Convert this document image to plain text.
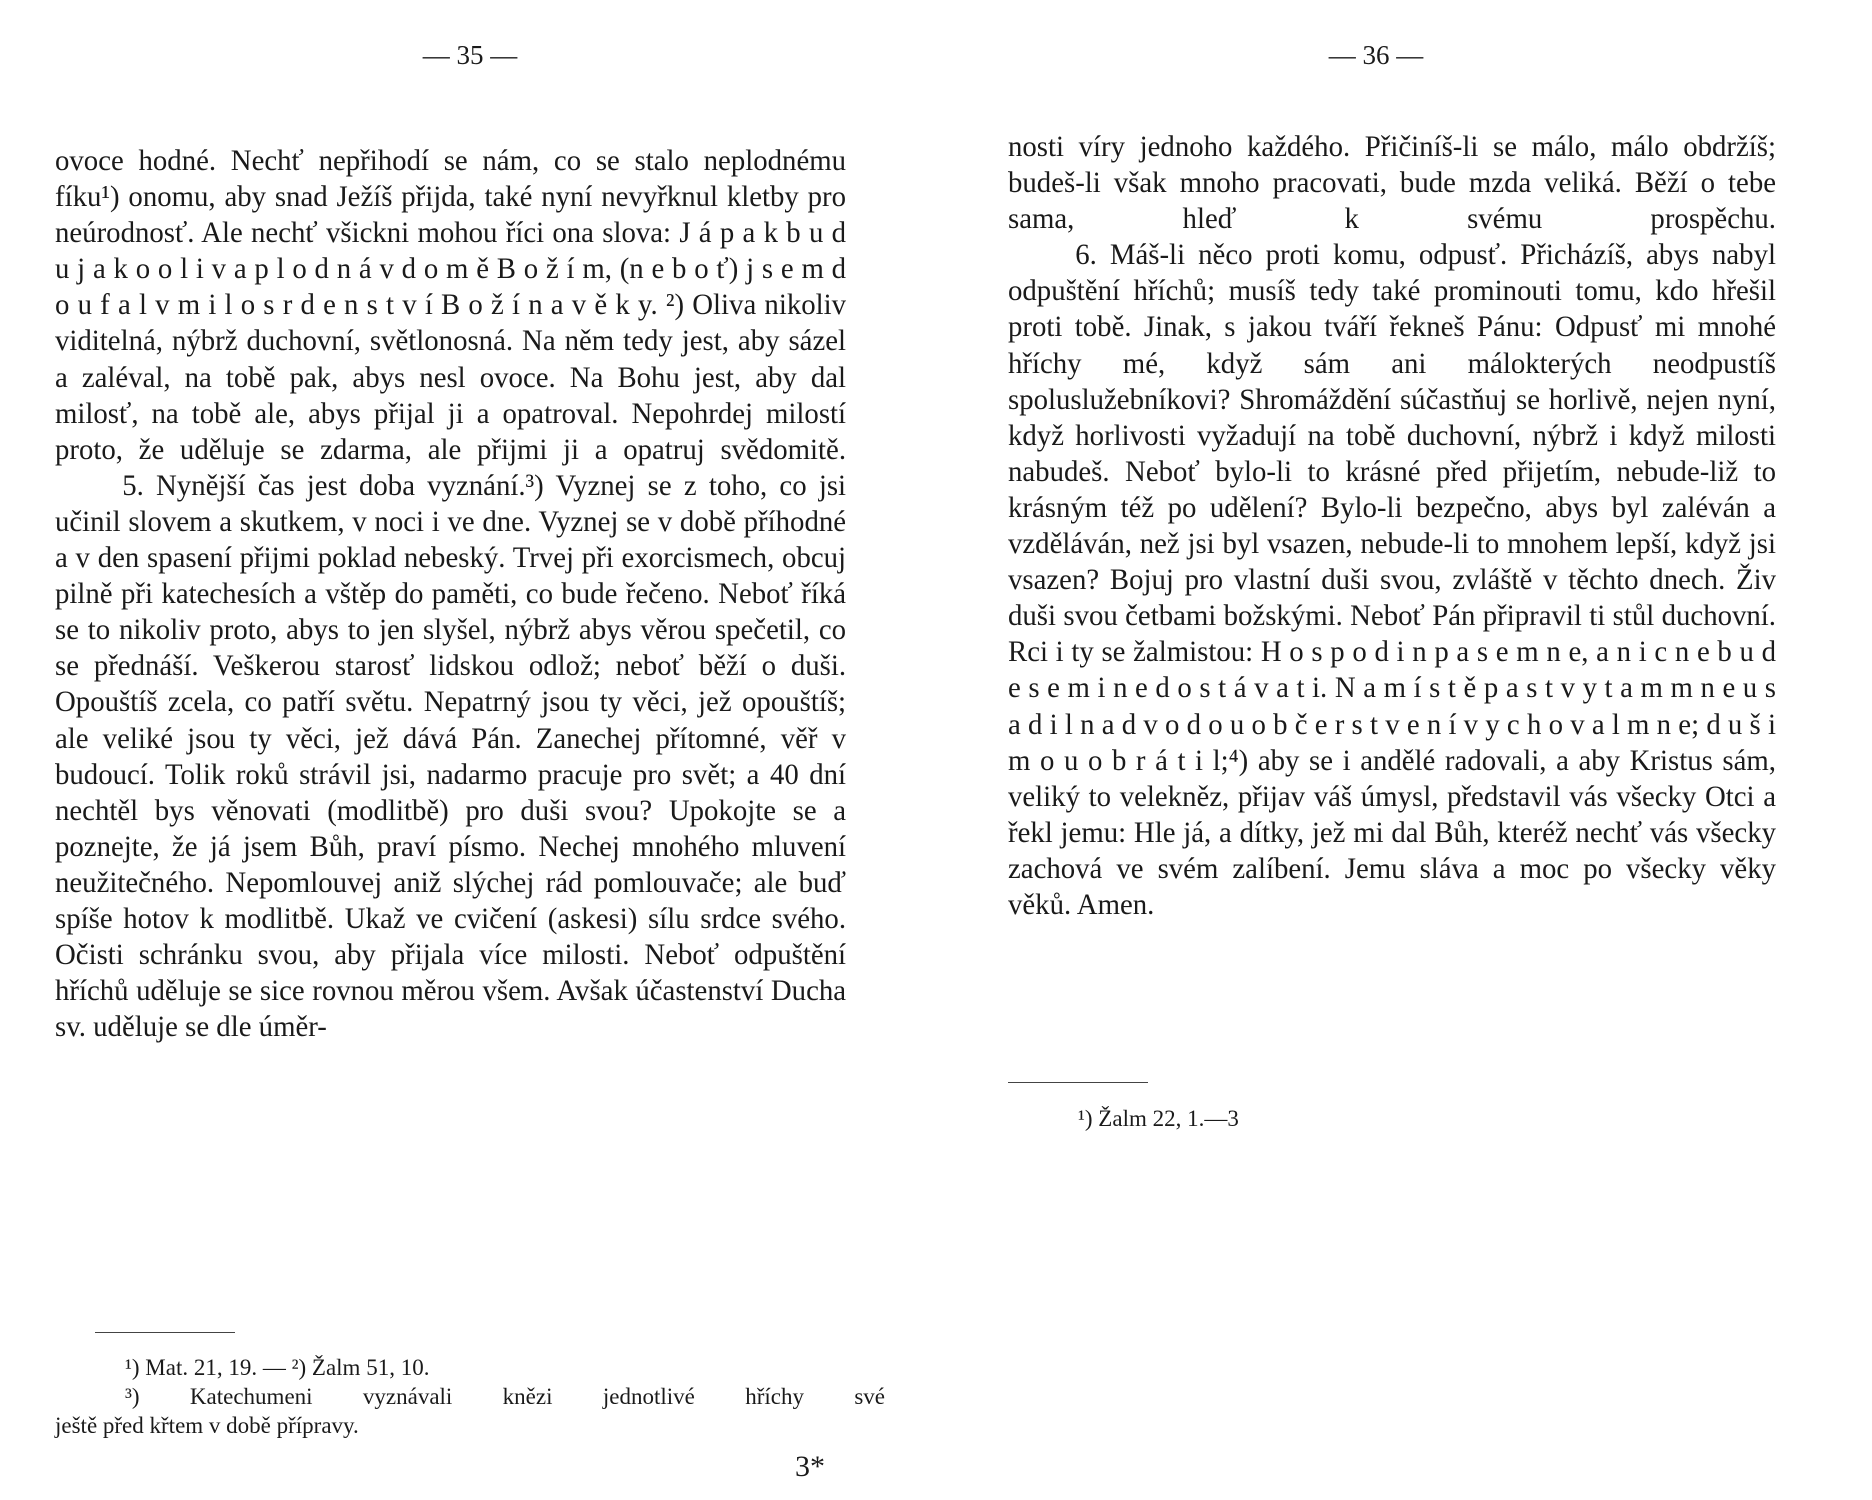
— 35 —

ovoce hodné. Nechť nepřihodí se nám, co se stalo neplodnému fíku¹) onomu, aby snad Ježíš přijda, také nyní nevyřknul kletby pro neúrodnosť. Ale nechť všickni mohou říci ona slova: J á p a k b u d u j a k o o l i v a p l o d n á v d o m ě B o ž í m, (n e b o ť) j s e m d o u f a l v m i l o s r d e n s t v í B o ž í n a v ě k y. ²) Oliva nikoliv viditelná, nýbrž duchovní, světlonosná. Na něm tedy jest, aby sázel a zaléval, na tobě pak, abys nesl ovoce. Na Bohu jest, aby dal milosť, na tobě ale, abys přijal ji a opatroval. Nepohrdej milostí proto, že uděluje se zdarma, ale přijmi ji a opatruj svědomitě.

5. Nynější čas jest doba vyznání.³) Vyznej se z toho, co jsi učinil slovem a skutkem, v noci i ve dne. Vyznej se v době příhodné a v den spasení přijmi poklad nebeský. Trvej při exorcismech, obcuj pilně při katechesích a vštěp do paměti, co bude řečeno. Neboť říká se to nikoliv proto, abys to jen slyšel, nýbrž abys věrou spečetil, co se přednáší. Veškerou starosť lidskou odlož; neboť běží o duši. Opouštíš zcela, co patří světu. Nepatrný jsou ty věci, jež opouštíš; ale veliké jsou ty věci, jež dává Pán. Zanechej přítomné, věř v budoucí. Tolik roků strávil jsi, nadarmo pracuje pro svět; a 40 dní nechtěl bys věnovati (modlitbě) pro duši svou? Upokojte se a poznejte, že já jsem Bůh, praví písmo. Nechej mnohého mluvení neužitečného. Nepomlouvej aniž slýchej rád pomlouvače; ale buď spíše hotov k modlitbě. Ukaž ve cvičení (askesi) sílu srdce svého. Očisti schránku svou, aby přijala více milosti. Neboť odpuštění hříchů uděluje se sice rovnou měrou všem. Avšak účastenství Ducha sv. uděluje se dle úměr-

¹) Mat. 21, 19. — ²) Žalm 51, 10.

³) Katechumeni vyznávali knězi jednotlivé hříchy své

ještě před křtem v době přípravy.

3*
— 36 —

nosti víry jednoho každého. Přičiníš-li se málo, málo obdržíš; budeš-li však mnoho pracovati, bude mzda veliká. Běží o tebe sama, hleď k svému prospěchu.

6. Máš-li něco proti komu, odpusť. Přicházíš, abys nabyl odpuštění hříchů; musíš tedy také prominouti tomu, kdo hřešil proti tobě. Jinak, s jakou tváří řekneš Pánu: Odpusť mi mnohé hříchy mé, když sám ani málokterých neodpustíš spoluslužebníkovi? Shromáždění súčastňuj se horlivě, nejen nyní, když horlivosti vyžadují na tobě duchovní, nýbrž i když milosti nabudeš. Neboť bylo-li to krásné před přijetím, nebude-liž to krásným též po udělení? Bylo-li bezpečno, abys byl zaléván a vzděláván, než jsi byl vsazen, nebude-li to mnohem lepší, když jsi vsazen? Bojuj pro vlastní duši svou, zvláště v těchto dnech. Živ duši svou četbami božskými. Neboť Pán připravil ti stůl duchovní. Rci i ty se žalmistou: H o s p o d i n p a s e m n e, a n i c n e b u d e s e m i n e d o s t á v a t i. N a m í s t ě p a s t v y t a m m n e u s a d i l n a d v o d o u o b č e r s t v e n í v y c h o v a l m n e; d u š i m o u o b r á t i l;⁴) aby se i andělé radovali, a aby Kristus sám, veliký to velekněz, přijav váš úmysl, představil vás všecky Otci a řekl jemu: Hle já, a dítky, jež mi dal Bůh, kteréž nechť vás všecky zachová ve svém zalíbení. Jemu sláva a moc po všecky věky věků. Amen.

¹) Žalm 22, 1.—3
